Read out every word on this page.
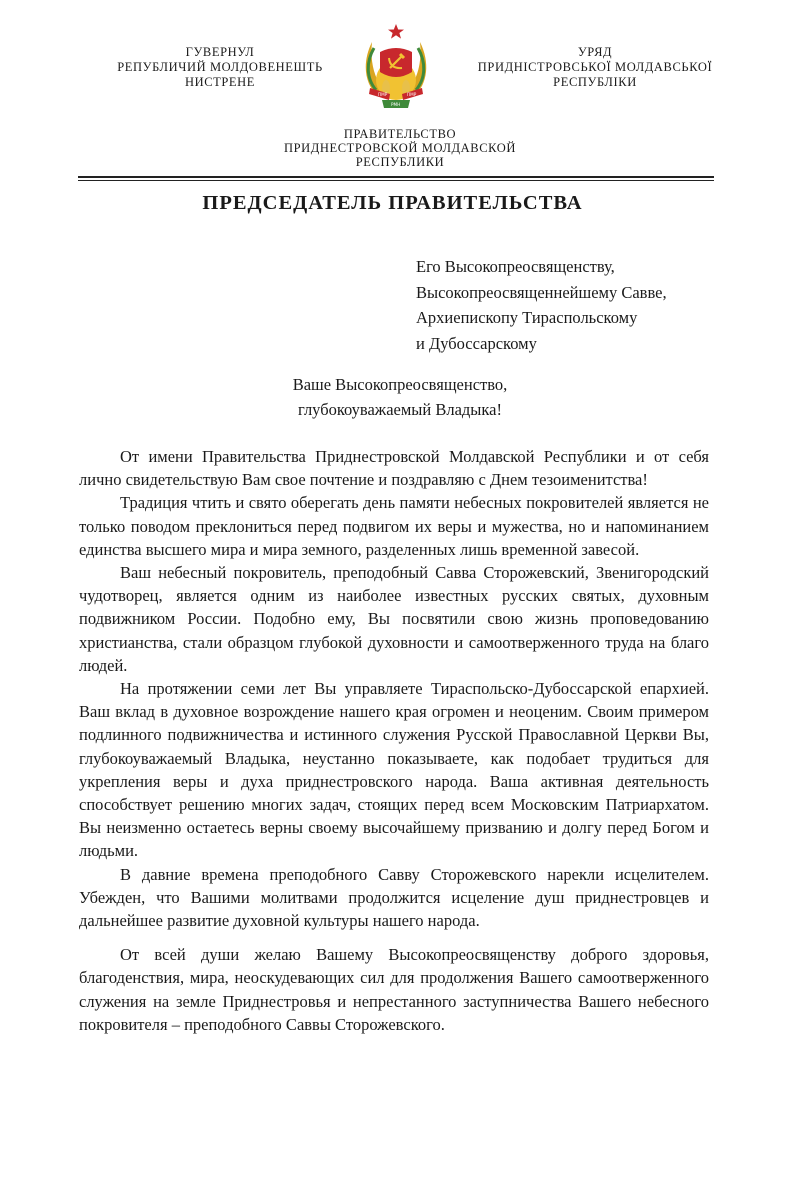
ГУВЕРНУЛ
РЕПУБЛИЧИЙ МОЛДОВЕНЕШТЬ
НИСТРЕНЕ
ПМР	ПМР
РМН
УРЯД
ПРИДНІСТРОВСЬКОЇ МОЛДАВСЬКОЇ
РЕСПУБЛІКИ
ПРАВИТЕЛЬСТВО
ПРИДНЕСТРОВСКОЙ МОЛДАВСКОЙ
РЕСПУБЛИКИ
ПРЕДСЕДАТЕЛЬ ПРАВИТЕЛЬСТВА
Его Высокопреосвященству,
Высокопреосвященнейшему Савве,
Архиепископу Тираспольскому
и Дубоссарскому
Ваше Высокопреосвященство,
глубокоуважаемый Владыка!

От имени Правительства Приднестровской Молдавской Республики и от себя лично свидетельствую Вам свое почтение и поздравляю с Днем тезоименитства!

Традиция чтить и свято оберегать день памяти небесных покровителей является не только поводом преклониться перед подвигом их веры и мужества, но и напоминанием единства высшего мира и мира земного, разделенных лишь временной завесой.

Ваш небесный покровитель, преподобный Савва Сторожевский, Звенигородский чудотворец, является одним из наиболее известных русских святых, духовным подвижником России. Подобно ему, Вы посвятили свою жизнь проповедованию христианства, стали образцом глубокой духовности и самоотверженного труда на благо людей.

На протяжении семи лет Вы управляете Тираспольско-Дубоссарской епархией. Ваш вклад в духовное возрождение нашего края огромен и неоценим. Своим примером подлинного подвижничества и истинного служения Русской Православной Церкви Вы, глубокоуважаемый Владыка, неустанно показываете, как подобает трудиться для укрепления веры и духа приднестровского народа. Ваша активная деятельность способствует решению многих задач, стоящих перед всем Московским Патриархатом. Вы неизменно остаетесь верны своему высочайшему призванию и долгу перед Богом и людьми.

В давние времена преподобного Савву Сторожевского нарекли исцелителем. Убежден, что Вашими молитвами продолжится исцеление душ приднестровцев и дальнейшее развитие духовной культуры нашего народа.

От всей души желаю Вашему Высокопреосвященству доброго здоровья, благоденствия, мира, неоскудевающих сил для продолжения Вашего самоотверженного служения на земле Приднестровья и непрестанного заступничества Вашего небесного покровителя – преподобного Саввы Сторожевского.
